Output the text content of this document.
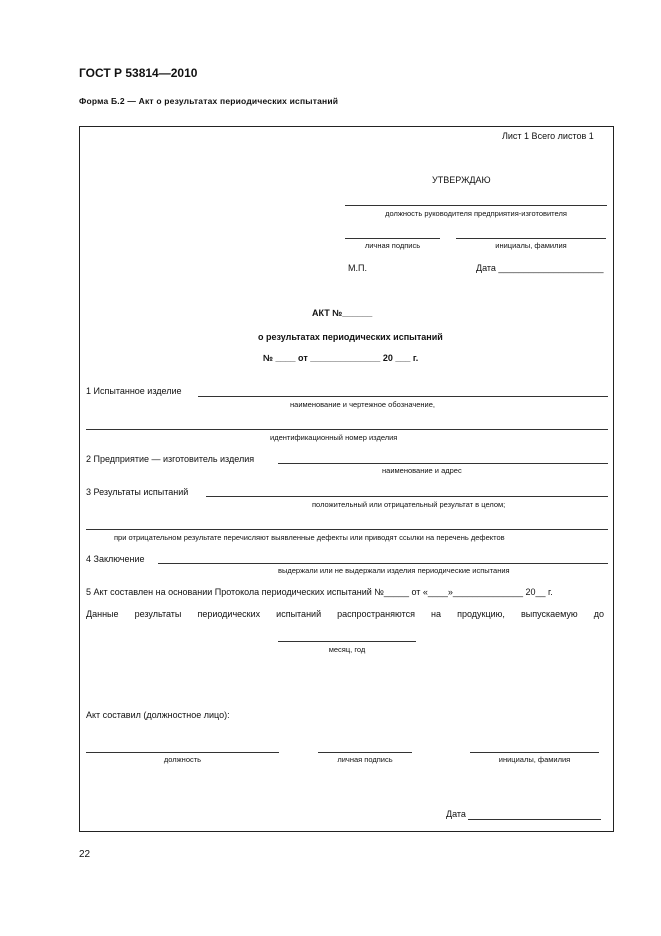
ГОСТ Р 53814—2010
Форма Б.2 — Акт о результатах периодических испытаний
Лист 1 Всего листов 1
УТВЕРЖДАЮ
должность руководителя предприятия-изготовителя
личная подпись	инициалы, фамилия
М.П.	Дата _____________________
АКТ №______
о результатах периодических испытаний
№ ____ от ______________ 20 ___ г.
1 Испытанное изделие
наименование и чертежное обозначение,
идентификационный номер изделия
2 Предприятие — изготовитель изделия
наименование и адрес
3 Результаты испытаний
положительный или отрицательный результат в целом;
при отрицательном результате перечисляют выявленные дефекты или приводят ссылки на перечень дефектов
4 Заключение
выдержали или не выдержали изделия периодические испытания
5 Акт составлен на основании Протокола периодических испытаний №_____ от «____»______________ 20__ г.
Данные результаты периодических испытаний распространяются на продукцию, выпускаемую до
месяц, год
Акт составил (должностное лицо):
должность	личная подпись	инициалы, фамилия
Дата
22
